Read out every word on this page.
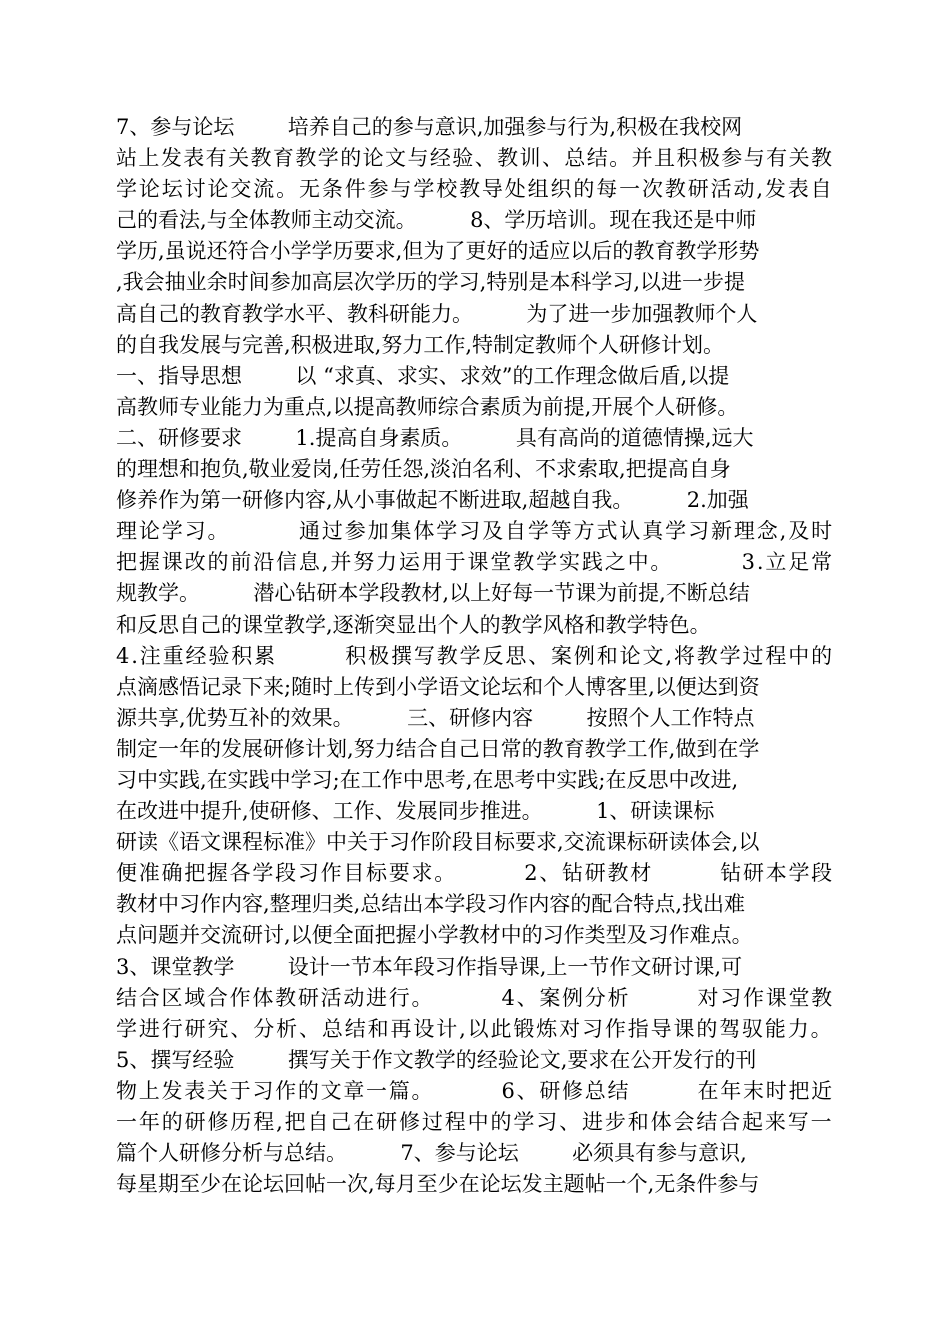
7、参与论坛        培养自己的参与意识,加强参与行为,积极在我校网
站上发表有关教育教学的论文与经验、教训、总结。并且积极参与有关教
学论坛讨论交流。无条件参与学校教导处组织的每一次教研活动,发表自
己的看法,与全体教师主动交流。        8、学历培训。现在我还是中师
学历,虽说还符合小学学历要求,但为了更好的适应以后的教育教学形势
,我会抽业余时间参加高层次学历的学习,特别是本科学习,以进一步提
高自己的教育教学水平、教科研能力。        为了进一步加强教师个人
的自我发展与完善,积极进取,努力工作,特制定教师个人研修计划。
一、指导思想        以 “求真、求实、求效”的工作理念做后盾,以提
高教师专业能力为重点,以提高教师综合素质为前提,开展个人研修。
二、研修要求        1.提高自身素质。        具有高尚的道德情操,远大
的理想和抱负,敬业爱岗,任劳任怨,淡泊名利、不求索取,把提高自身
修养作为第一研修内容,从小事做起不断进取,超越自我。        2.加强
理论学习。        通过参加集体学习及自学等方式认真学习新理念,及时
把握课改的前沿信息,并努力运用于课堂教学实践之中。        3.立足常
规教学。        潜心钻研本学段教材,以上好每一节课为前提,不断总结
和反思自己的课堂教学,逐渐突显出个人的教学风格和教学特色。
4.注重经验积累        积极撰写教学反思、案例和论文,将教学过程中的
点滴感悟记录下来;随时上传到小学语文论坛和个人博客里,以便达到资
源共享,优势互补的效果。        三、研修内容        按照个人工作特点
制定一年的发展研修计划,努力结合自己日常的教育教学工作,做到在学
习中实践,在实践中学习;在工作中思考,在思考中实践;在反思中改进,
在改进中提升,使研修、工作、发展同步推进。        1、研读课标
研读《语文课程标准》中关于习作阶段目标要求,交流课标研读体会,以
便准确把握各学段习作目标要求。        2、钻研教材        钻研本学段
教材中习作内容,整理归类,总结出本学段习作内容的配合特点,找出难
点问题并交流研讨,以便全面把握小学教材中的习作类型及习作难点。
3、课堂教学        设计一节本年段习作指导课,上一节作文研讨课,可
结合区域合作体教研活动进行。        4、案例分析        对习作课堂教
学进行研究、分析、总结和再设计,以此锻炼对习作指导课的驾驭能力。
5、撰写经验        撰写关于作文教学的经验论文,要求在公开发行的刊
物上发表关于习作的文章一篇。        6、研修总结        在年末时把近
一年的研修历程,把自己在研修过程中的学习、进步和体会结合起来写一
篇个人研修分析与总结。        7、参与论坛        必须具有参与意识,
每星期至少在论坛回帖一次,每月至少在论坛发主题帖一个,无条件参与
